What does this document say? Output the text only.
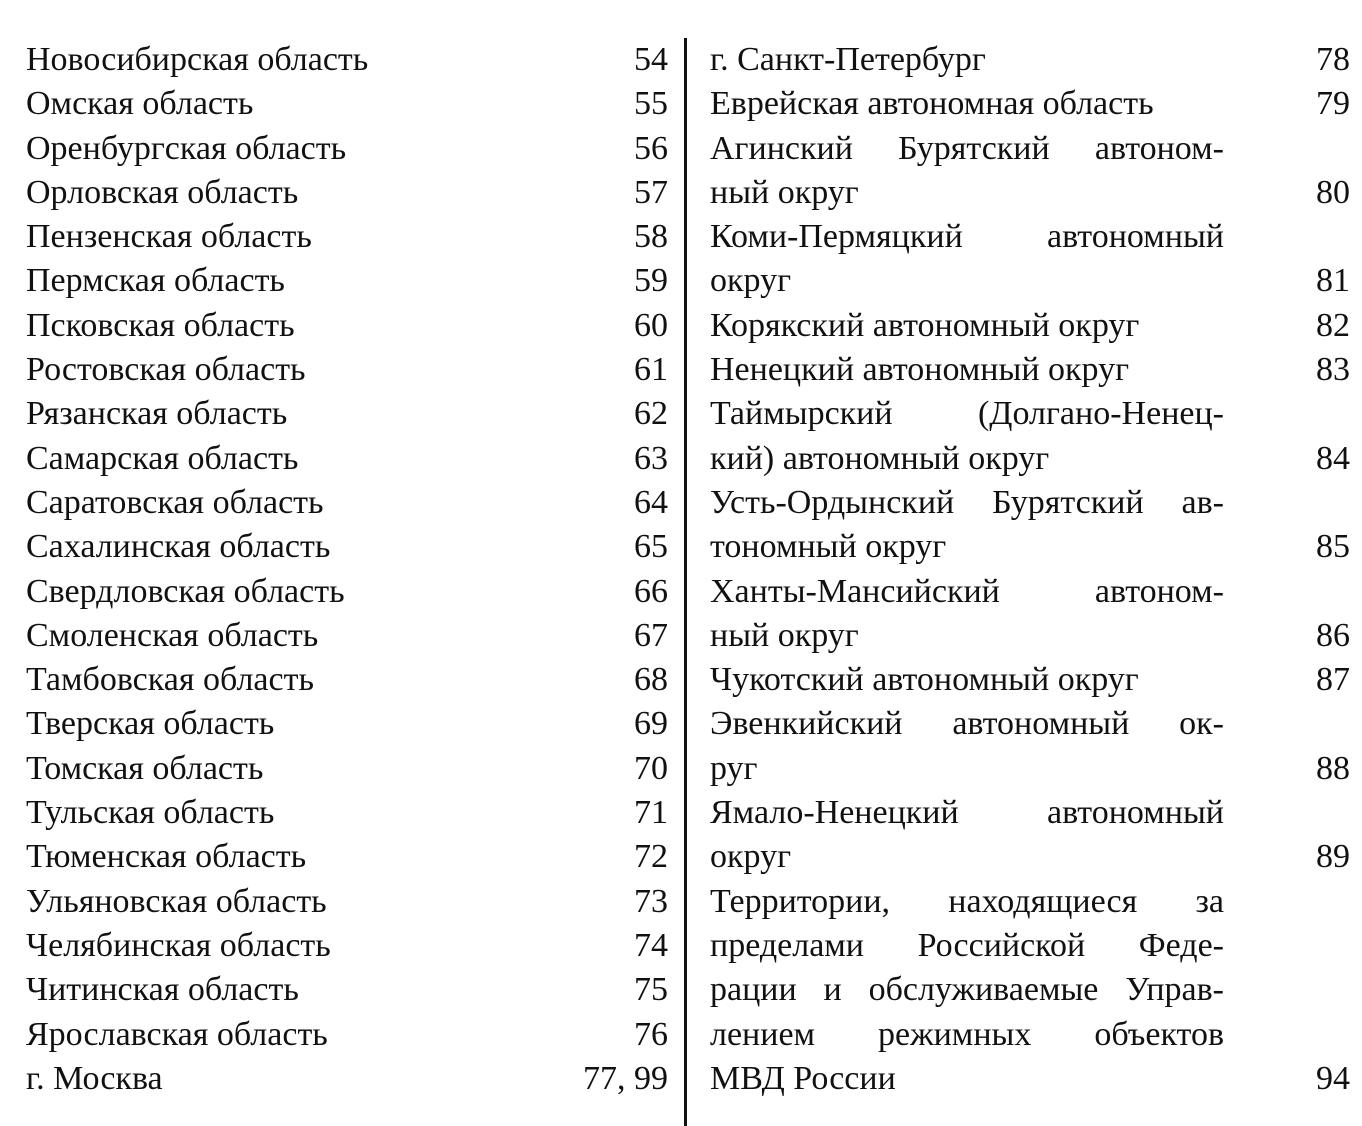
Новосибирская область	54
Омская область	55
Оренбургская область	56
Орловская область	57
Пензенская область	58
Пермская область	59
Псковская область	60
Ростовская область	61
Рязанская область	62
Самарская область	63
Саратовская область	64
Сахалинская область	65
Свердловская область	66
Смоленская область	67
Тамбовская область	68
Тверская область	69
Томская область	70
Тульская область	71
Тюменская область	72
Ульяновская область	73
Челябинская область	74
Читинская область	75
Ярославская область	76
г. Москва	77, 99
г. Санкт-Петербург	78
Еврейская автономная область	79
Агинский Бурятский автоном-
ный округ	80
Коми-Пермяцкий автономный
округ	81
Корякский автономный округ	82
Ненецкий автономный округ	83
Таймырский (Долгано-Ненец-
кий) автономный округ	84
Усть-Ордынский Бурятский ав-
тономный округ	85
Ханты-Мансийский автоном-
ный округ	86
Чукотский автономный округ	87
Эвенкийский автономный ок-
руг	88
Ямало-Ненецкий автономный
округ	89
Территории, находящиеся за
пределами Российской Феде-
рации и обслуживаемые Управ-
лением режимных объектов
МВД России	94
